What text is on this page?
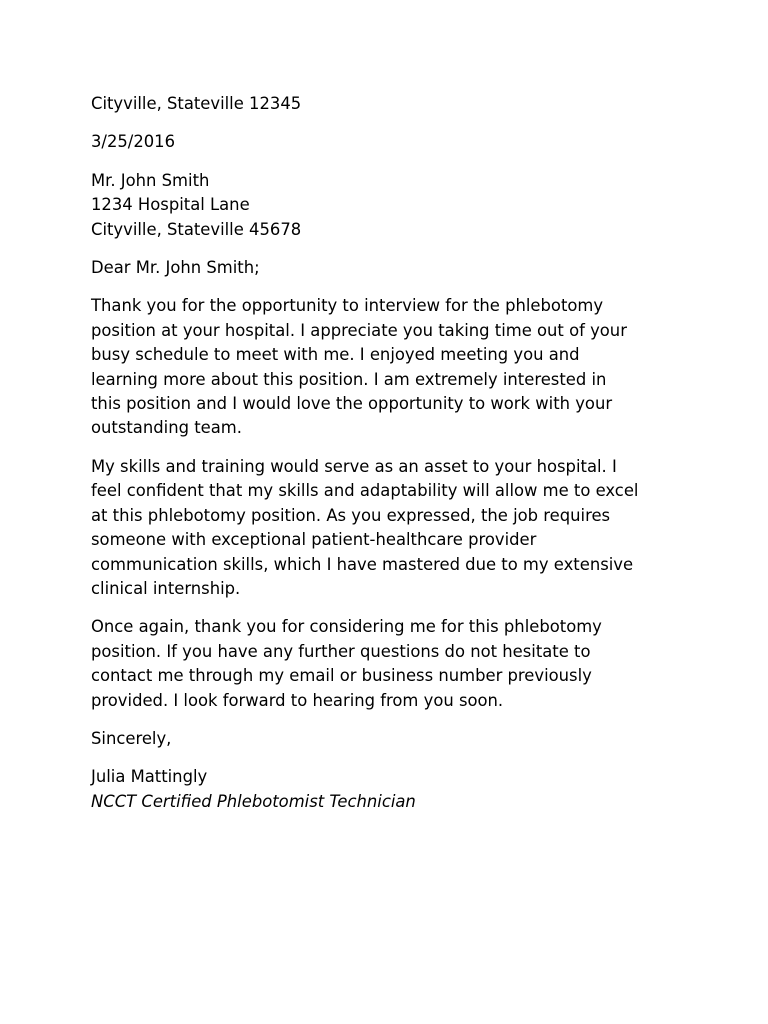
Cityville, Stateville 12345
3/25/2016
Mr. John Smith
1234 Hospital Lane
Cityville, Stateville 45678
Dear Mr. John Smith;
Thank you for the opportunity to interview for the phlebotomy
position at your hospital. I appreciate you taking time out of your
busy schedule to meet with me. I enjoyed meeting you and
learning more about this position. I am extremely interested in
this position and I would love the opportunity to work with your
outstanding team.
My skills and training would serve as an asset to your hospital. I
feel confident that my skills and adaptability will allow me to excel
at this phlebotomy position. As you expressed, the job requires
someone with exceptional patient-healthcare provider
communication skills, which I have mastered due to my extensive
clinical internship.
Once again, thank you for considering me for this phlebotomy
position. If you have any further questions do not hesitate to
contact me through my email or business number previously
provided. I look forward to hearing from you soon.
Sincerely,
Julia Mattingly
NCCT Certified Phlebotomist Technician
